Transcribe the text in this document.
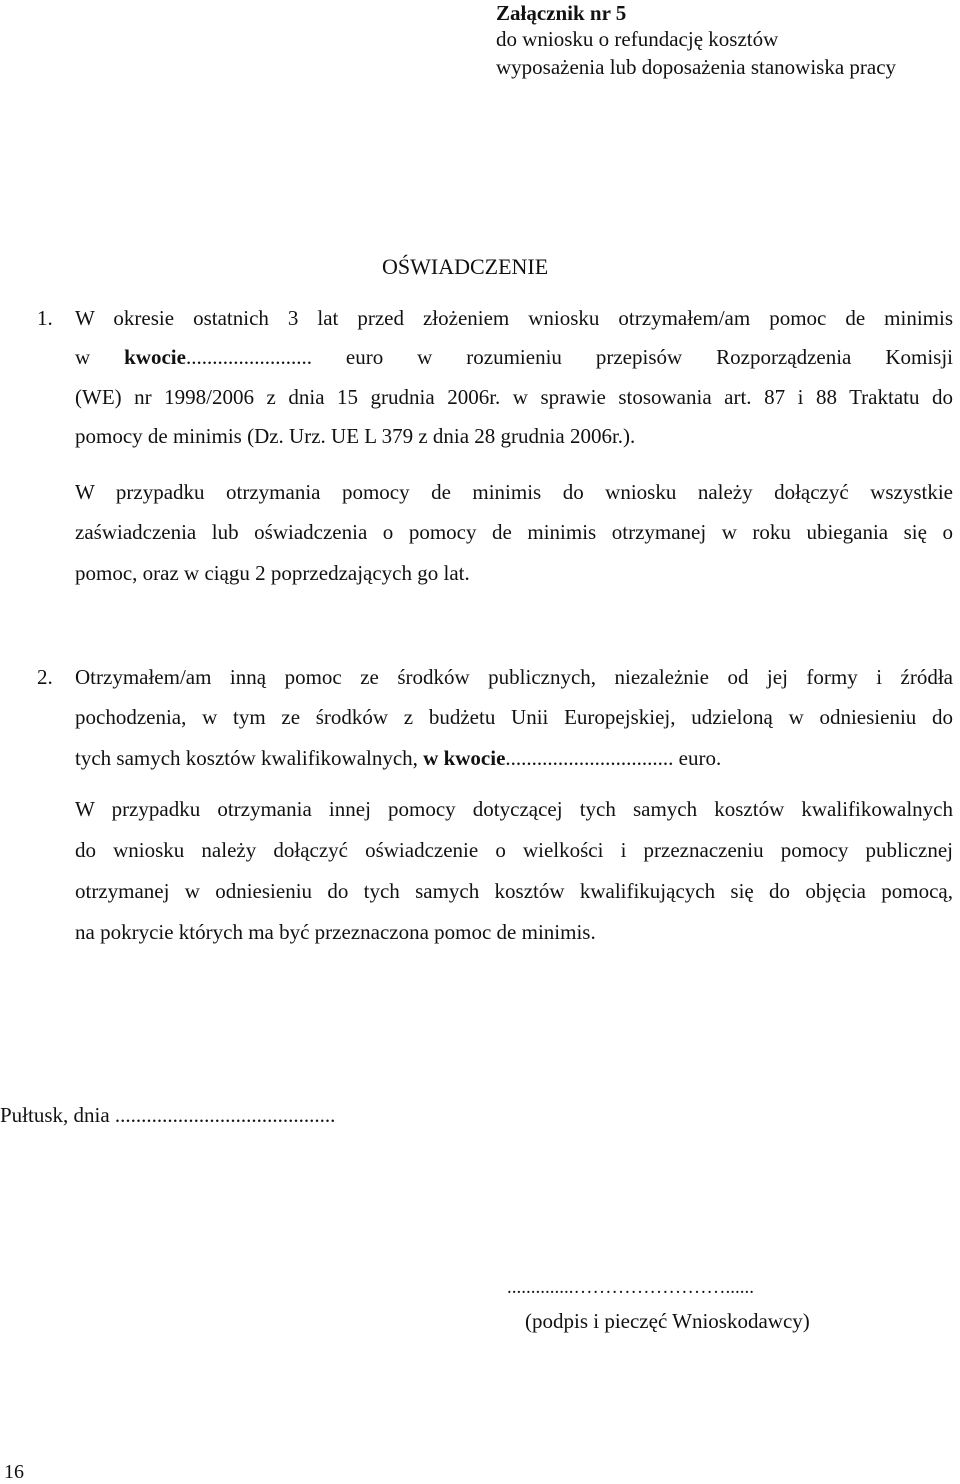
Załącznik nr 5
do wniosku o refundację kosztów
wyposażenia lub doposażenia stanowiska pracy
OŚWIADCZENIE
1. W okresie ostatnich 3 lat przed złożeniem wniosku otrzymałem/am pomoc de minimis
w kwocie........................ euro w rozumieniu przepisów Rozporządzenia Komisji
(WE) nr 1998/2006 z dnia 15 grudnia 2006r. w sprawie stosowania art. 87 i 88 Traktatu do
pomocy de minimis (Dz. Urz. UE L 379 z dnia 28 grudnia 2006r.).
W przypadku otrzymania pomocy de minimis do wniosku należy dołączyć wszystkie
zaświadczenia lub oświadczenia o pomocy de minimis otrzymanej w roku ubiegania się o
pomoc, oraz w ciągu 2 poprzedzających go lat.
2. Otrzymałem/am inną pomoc ze środków publicznych, niezależnie od jej formy i źródła
pochodzenia, w tym ze środków z budżetu Unii Europejskiej, udzieloną w odniesieniu do
tych samych kosztów kwalifikowalnych, w kwocie................................ euro.
W przypadku otrzymania innej pomocy dotyczącej tych samych kosztów kwalifikowalnych
do wniosku należy dołączyć oświadczenie o wielkości i przeznaczeniu pomocy publicznej
otrzymanej w odniesieniu do tych samych kosztów kwalifikujących się do objęcia pomocą,
na pokrycie których ma być przeznaczona pomoc de minimis.
Pułtusk, dnia ..........................................
..............……………………......
(podpis i pieczęć Wnioskodawcy)
16
